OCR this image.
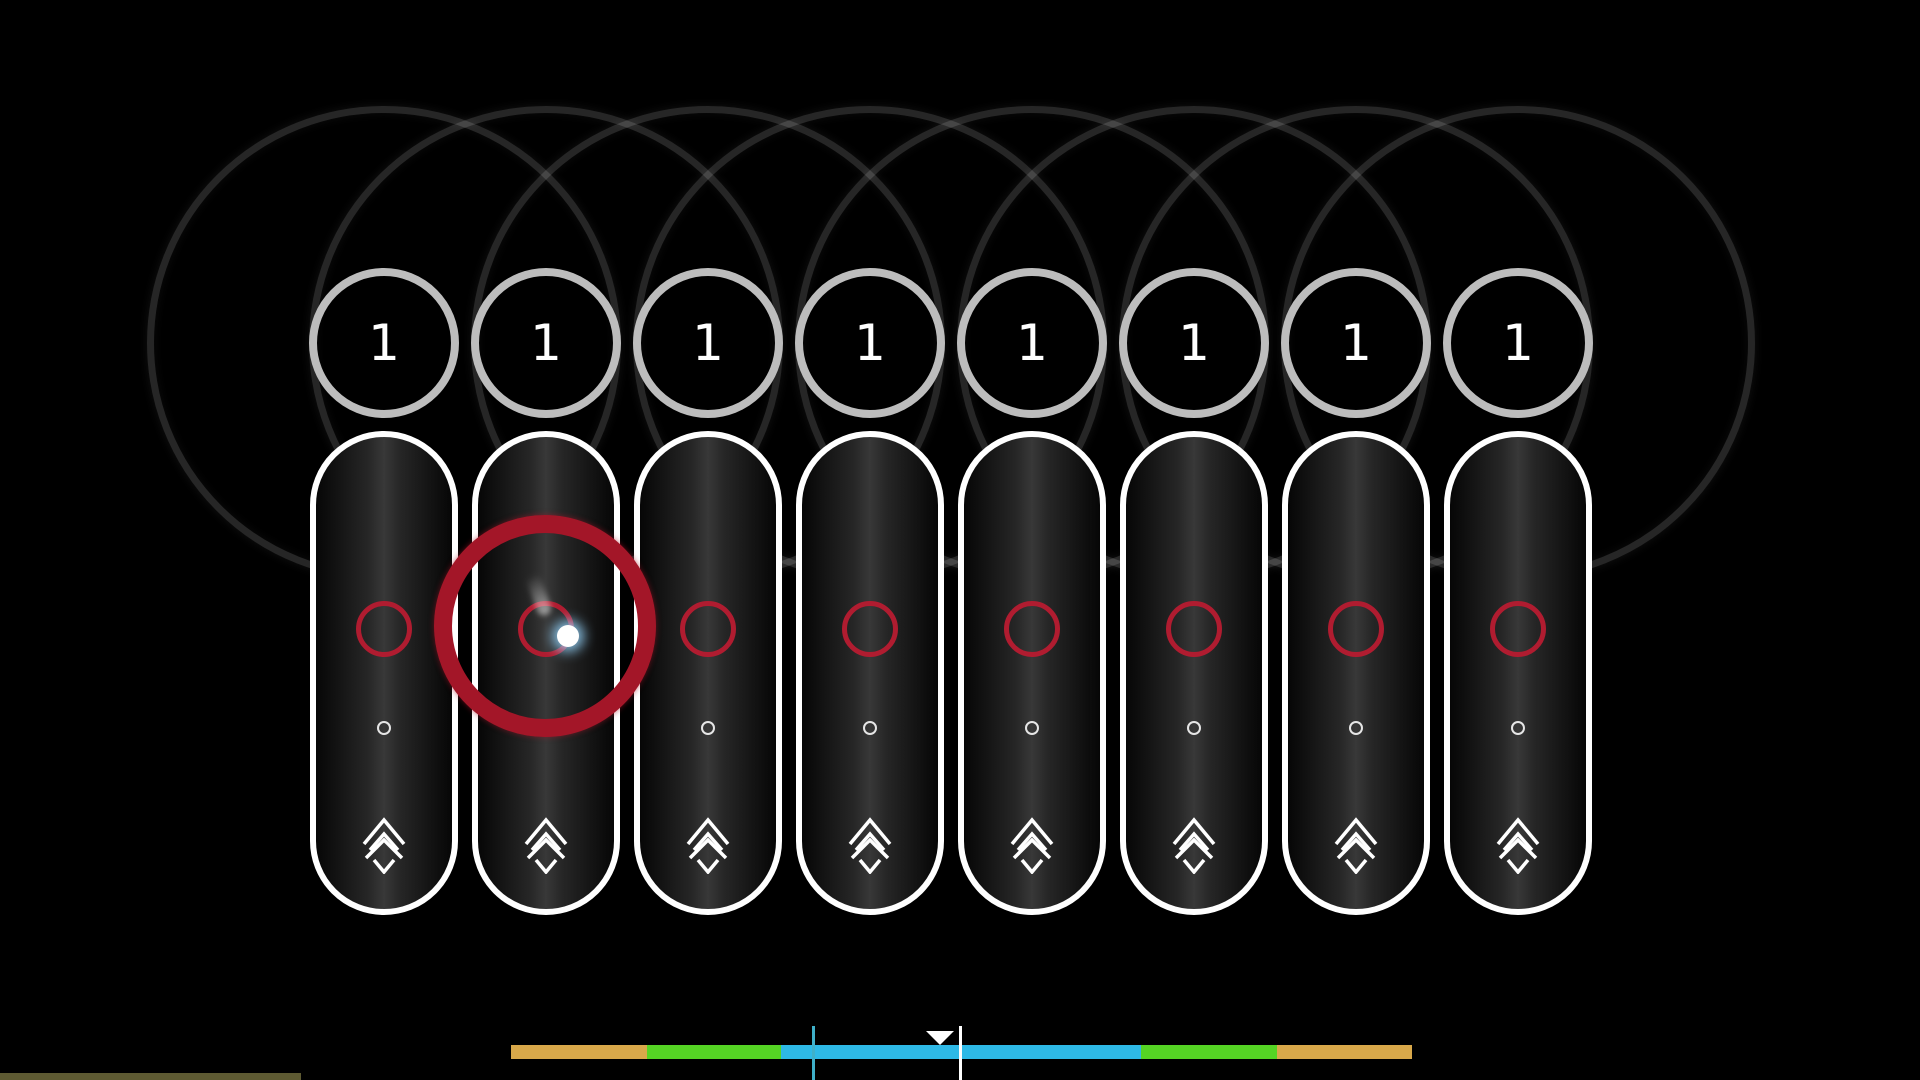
1	1	1	1	1	1	1	1
